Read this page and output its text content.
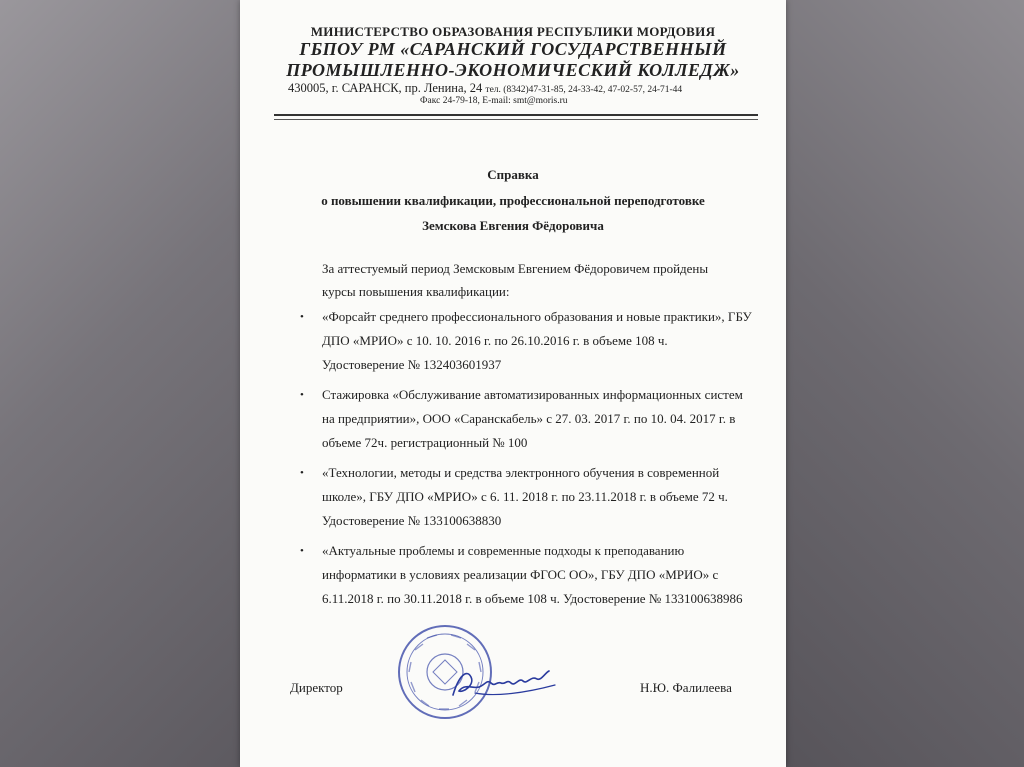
МИНИСТЕРСТВО ОБРАЗОВАНИЯ РЕСПУБЛИКИ МОРДОВИЯ
ГБПОУ РМ «САРАНСКИЙ ГОСУДАРСТВЕННЫЙ
ПРОМЫШЛЕННО-ЭКОНОМИЧЕСКИЙ КОЛЛЕДЖ»
430005, г. САРАНСК, пр. Ленина, 24 тел. (8342)47-31-85, 24-33-42, 47-02-57, 24-71-44
Факс 24-79-18, E-mail: smt@moris.ru
Справка
о повышении квалификации, профессиональной переподготовке
Земскова Евгения Фёдоровича
За аттестуемый период Земсковым Евгением Фёдоровичем пройдены
курсы повышения квалификации:
• «Форсайт среднего профессионального образования и новые практики», ГБУ ДПО «МРИО» с 10. 10. 2016 г. по 26.10.2016 г. в объеме 108 ч. Удостоверение № 132403601937
• Стажировка «Обслуживание автоматизированных информационных систем на предприятии», ООО «Саранскабель» с 27. 03. 2017 г. по 10. 04. 2017 г. в объеме 72ч. регистрационный № 100
• «Технологии, методы и средства электронного обучения в современной школе», ГБУ ДПО «МРИО» с 6. 11. 2018 г. по 23.11.2018 г. в объеме 72 ч. Удостоверение № 133100638830
• «Актуальные проблемы и современные подходы к преподаванию информатики в условиях реализации ФГОС ОО», ГБУ ДПО «МРИО» с 6.11.2018 г. по 30.11.2018 г. в объеме 108 ч. Удостоверение № 133100638986
Директор	Н.Ю. Фалилеева
